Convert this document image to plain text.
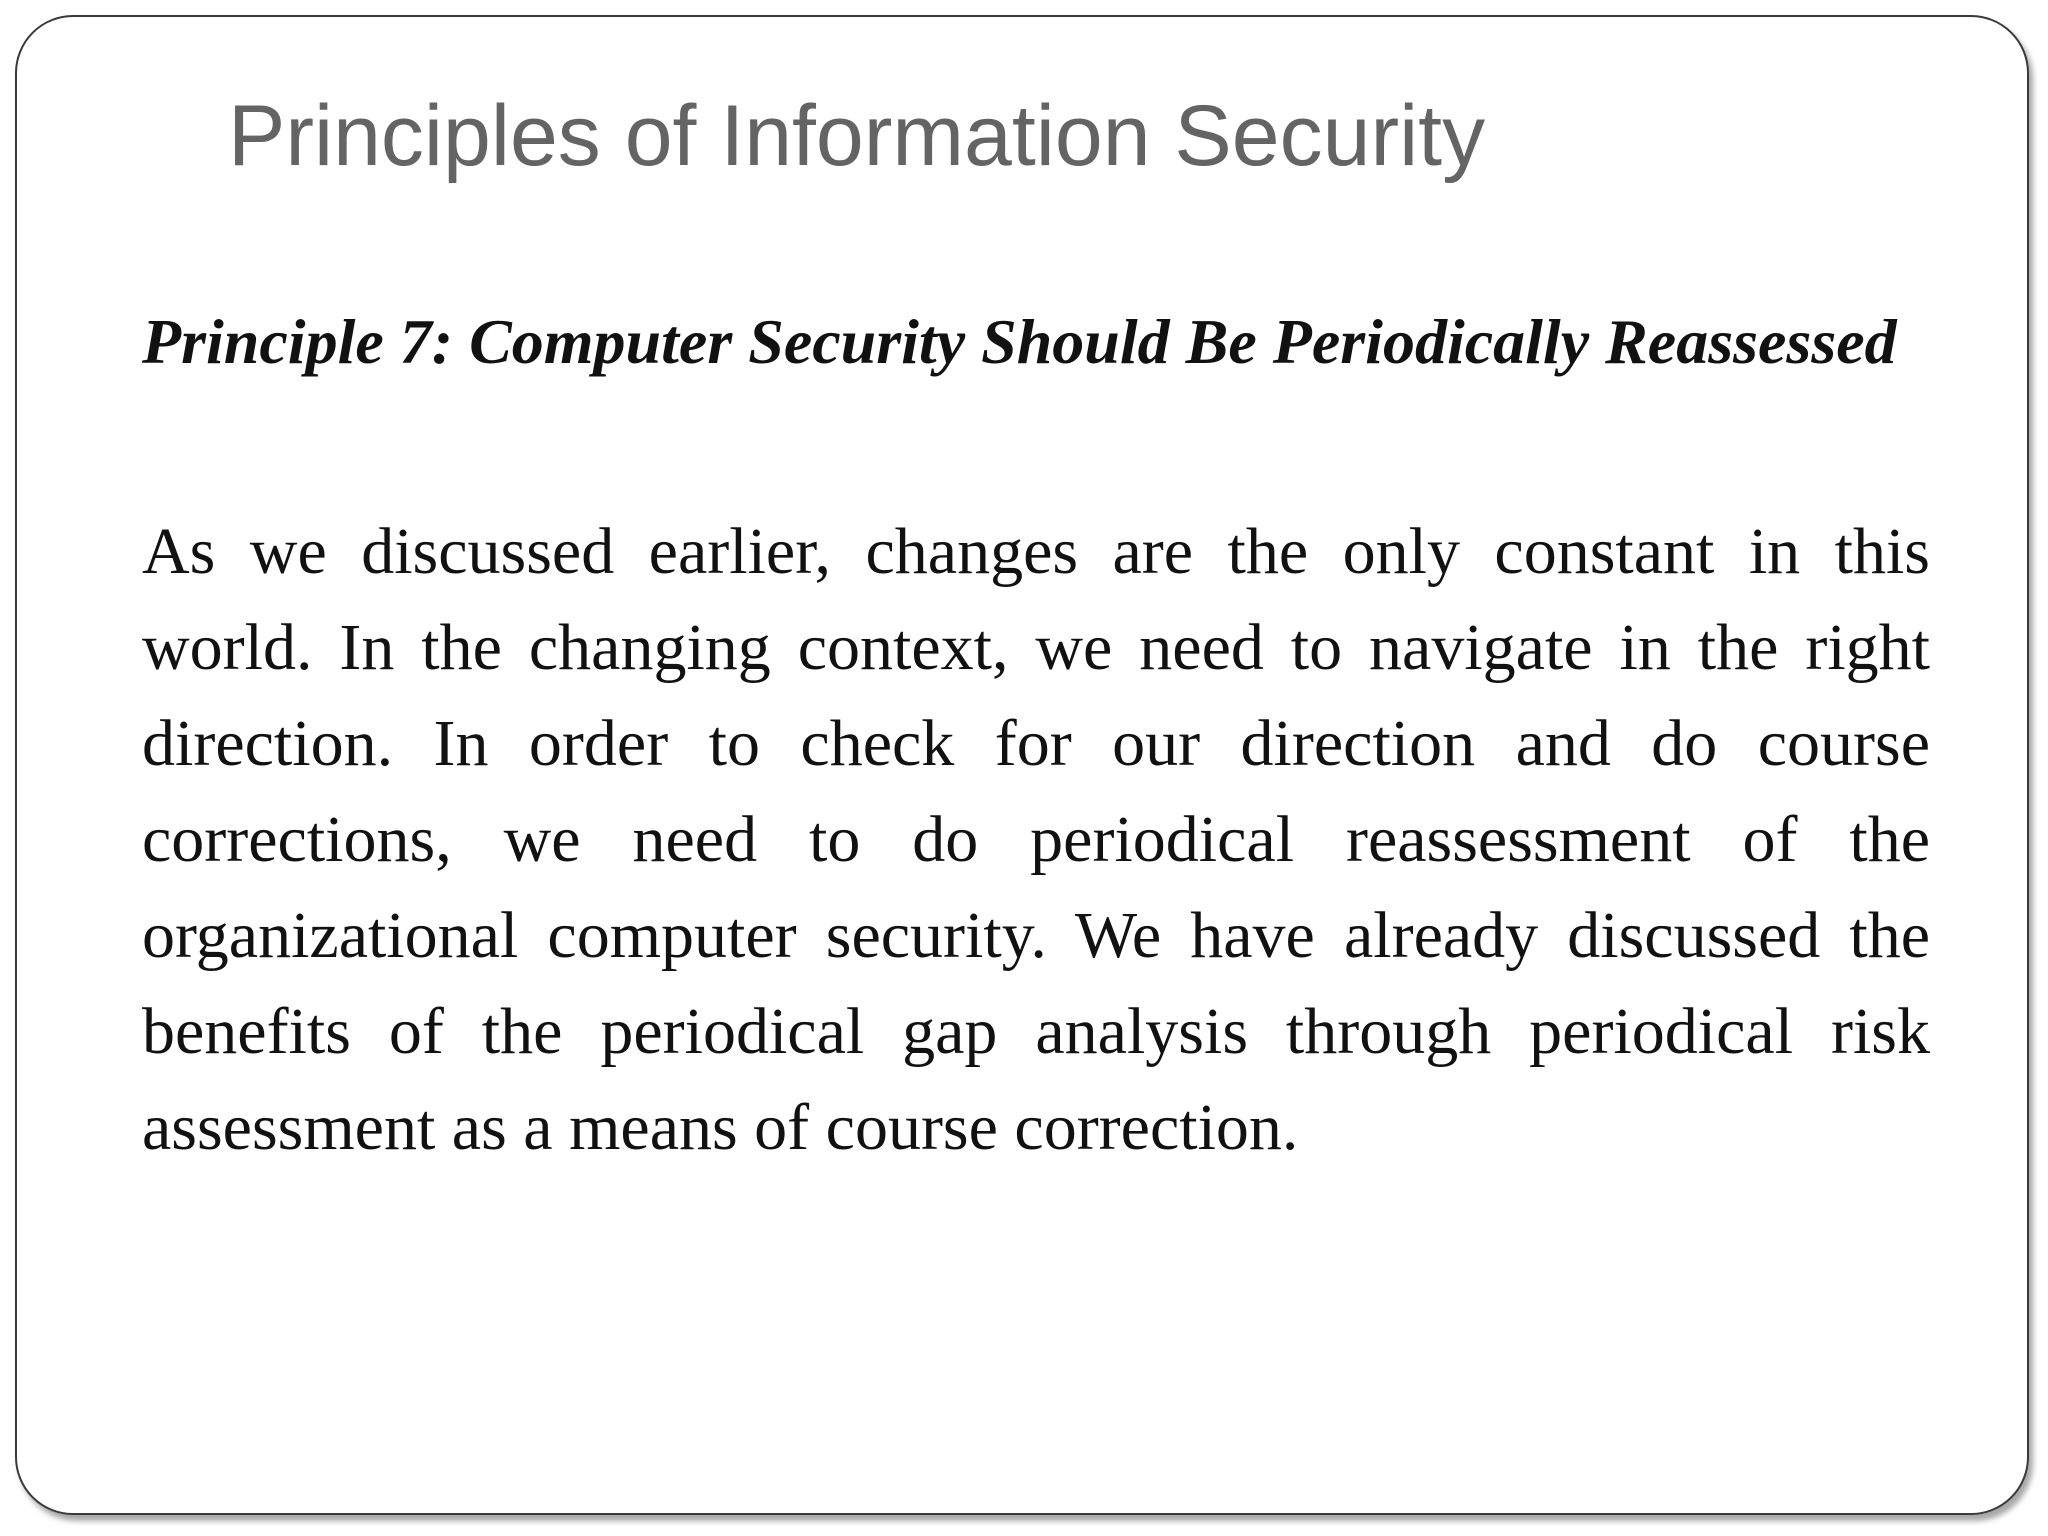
Principles of Information Security

Principle 7: Computer Security Should Be Periodically Reassessed

As we discussed earlier, changes are the only constant in this world. In the changing context, we need to navigate in the right direction. In order to check for our direction and do course corrections, we need to do periodical reassessment of the organizational computer security. We have already discussed the benefits of the periodical gap analysis through periodical risk assessment as a means of course correction.
